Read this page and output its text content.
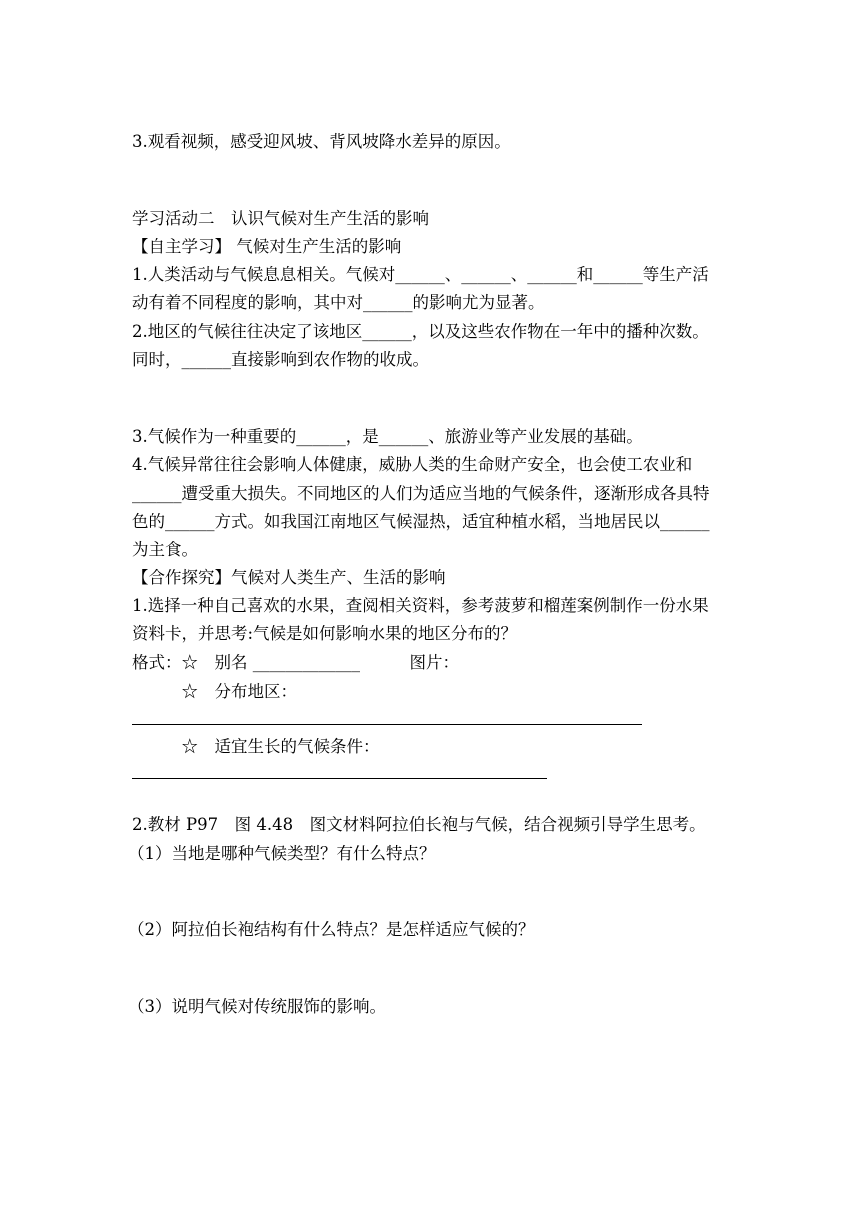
3.观看视频，感受迎风坡、背风坡降水差异的原因。
学习活动二　认识气候对生产生活的影响
【自主学习】 气候对生产生活的影响
1.人类活动与气候息息相关。气候对______、______、______和______等生产活
动有着不同程度的影响，其中对______的影响尤为显著。
2.地区的气候往往决定了该地区______，以及这些农作物在一年中的播种次数。
同时，______直接影响到农作物的收成。
3.气候作为一种重要的______，是______、旅游业等产业发展的基础。
4.气候异常往往会影响人体健康，威胁人类的生命财产安全，也会使工农业和
______遭受重大损失。不同地区的人们为适应当地的气候条件，逐渐形成各具特
色的______方式。如我国江南地区气候湿热，适宜种植水稻，当地居民以______
为主食。
【合作探究】气候对人类生产、生活的影响
1.选择一种自己喜欢的水果，查阅相关资料，参考菠萝和榴莲案例制作一份水果
资料卡，并思考:气候是如何影响水果的地区分布的？
格式：☆　别名 _____________　　　图片：
　　　☆　分布地区：
　　　☆　适宜生长的气候条件：
2.教材 P97　图 4.48　图文材料阿拉伯长袍与气候，结合视频引导学生思考。
（1）当地是哪种气候类型？有什么特点？
（2）阿拉伯长袍结构有什么特点？是怎样适应气候的？
（3）说明气候对传统服饰的影响。
